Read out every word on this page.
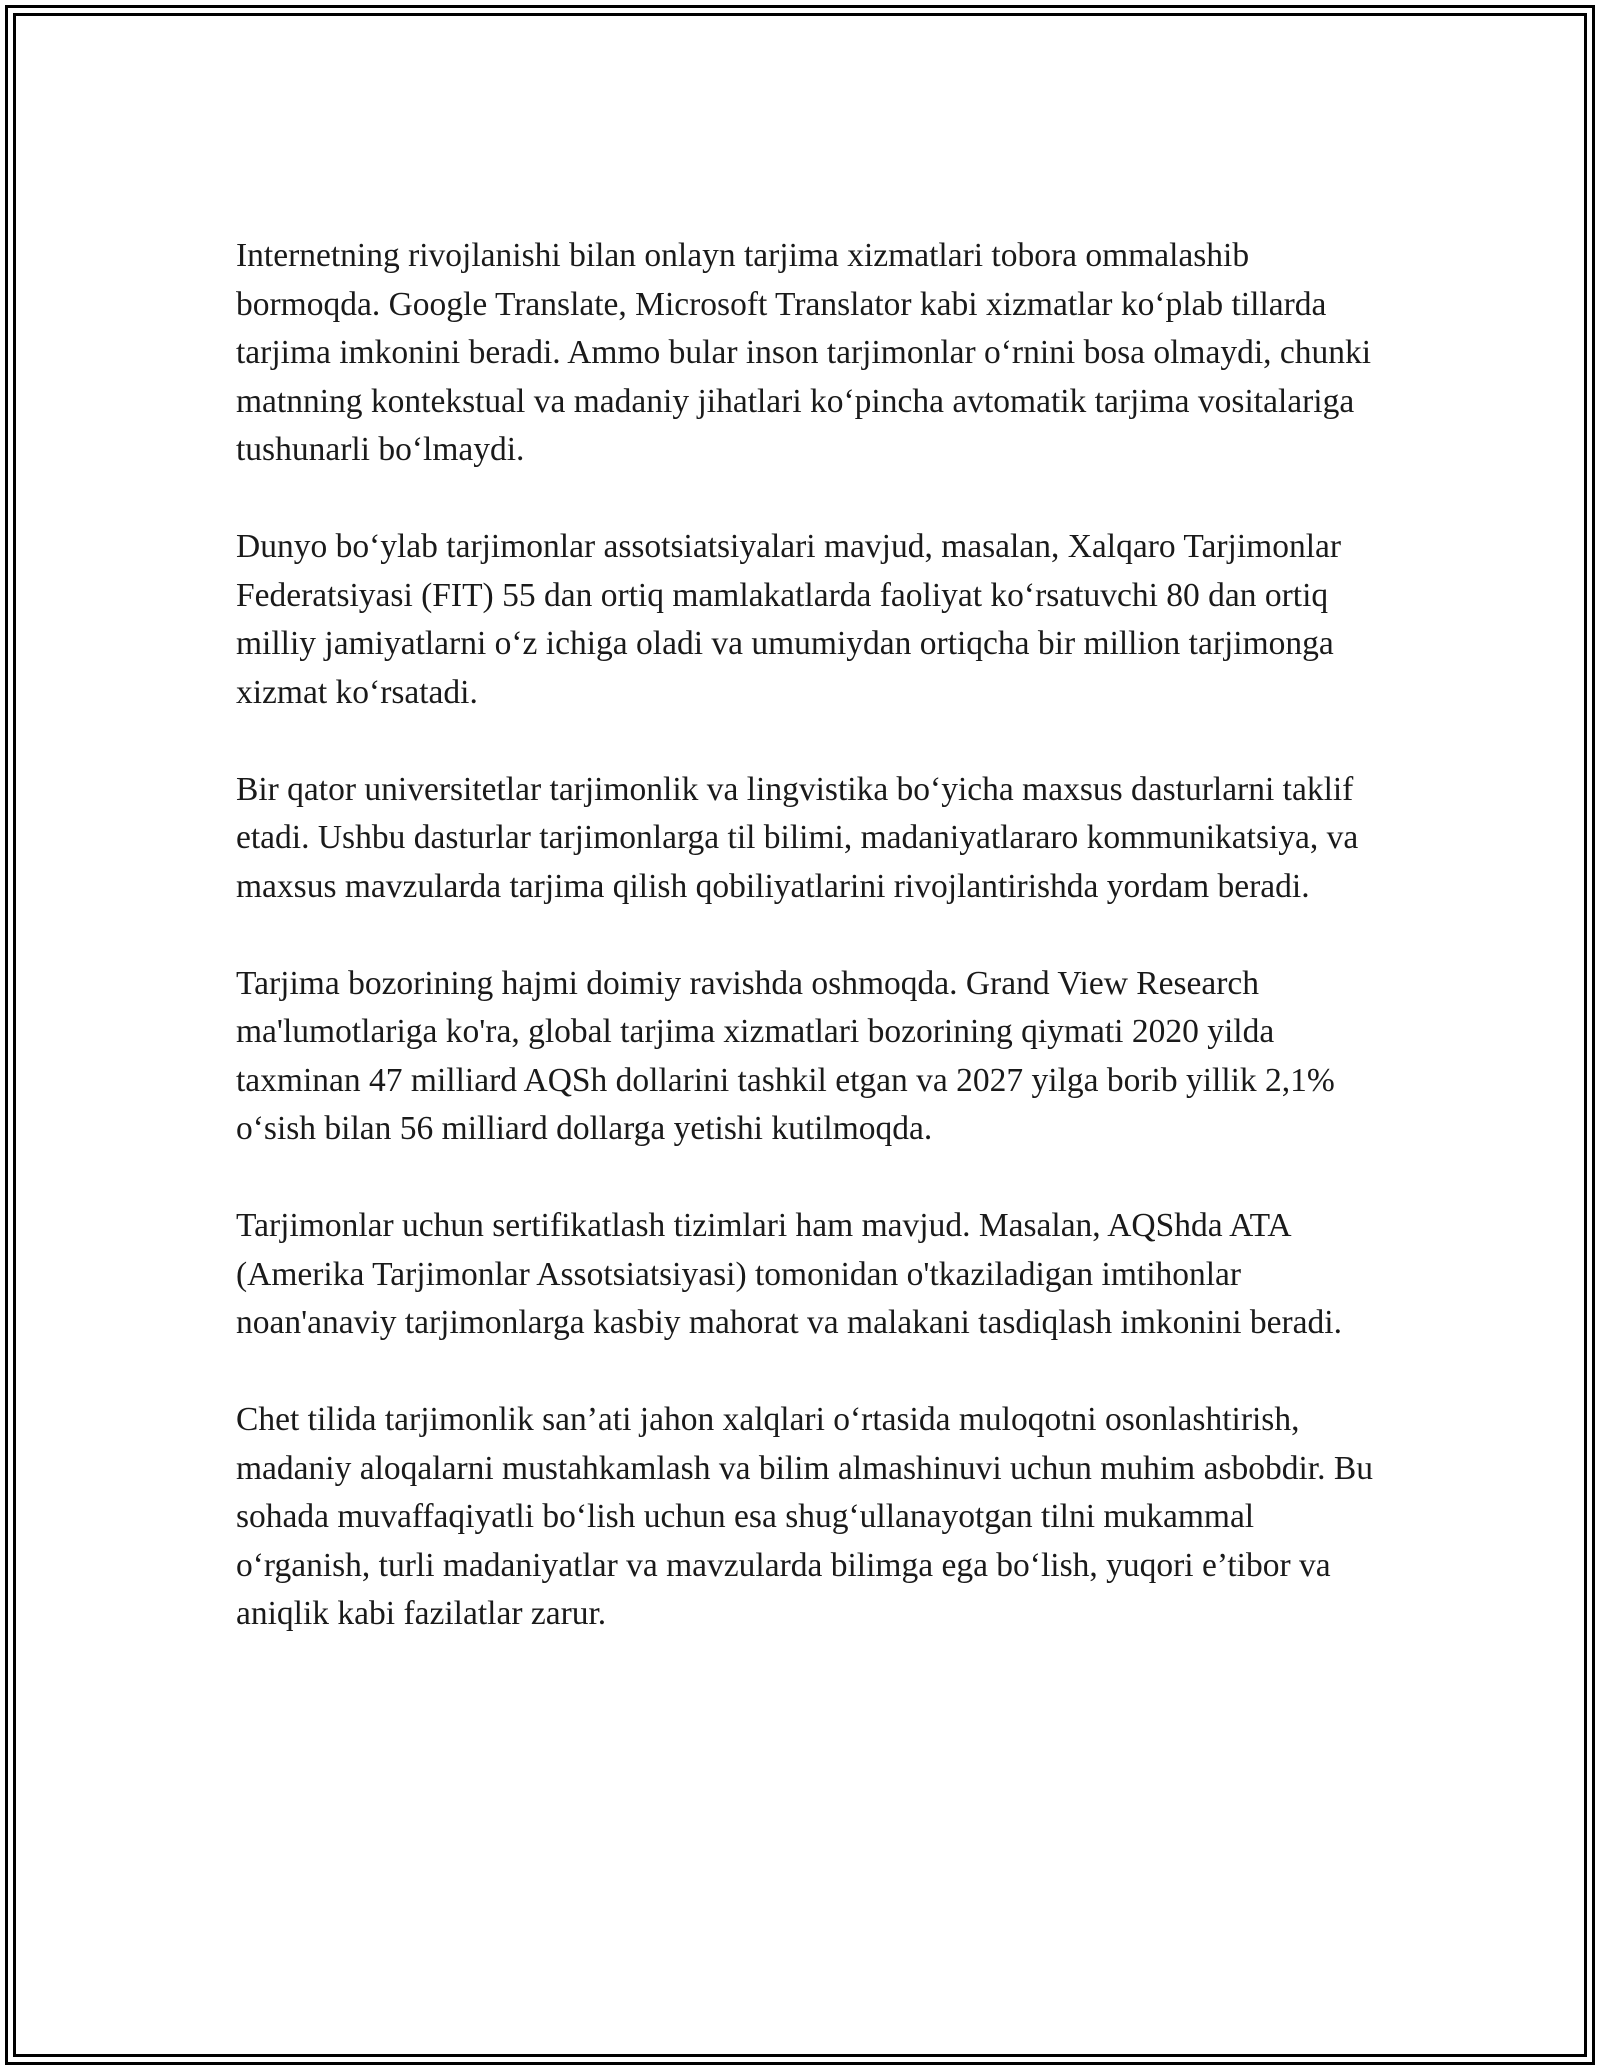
Internetning rivojlanishi bilan onlayn tarjima xizmatlari tobora ommalashib bormoqda. Google Translate, Microsoft Translator kabi xizmatlar ko‘plab tillarda tarjima imkonini beradi. Ammo bular inson tarjimonlar o‘rnini bosa olmaydi, chunki matnning kontekstual va madaniy jihatlari ko‘pincha avtomatik tarjima vositalariga tushunarli bo‘lmaydi.

Dunyo bo‘ylab tarjimonlar assotsiatsiyalari mavjud, masalan, Xalqaro Tarjimonlar Federatsiyasi (FIT) 55 dan ortiq mamlakatlarda faoliyat ko‘rsatuvchi 80 dan ortiq milliy jamiyatlarni o‘z ichiga oladi va umumiydan ortiqcha bir million tarjimonga xizmat ko‘rsatadi.

Bir qator universitetlar tarjimonlik va lingvistika bo‘yicha maxsus dasturlarni taklif etadi. Ushbu dasturlar tarjimonlarga til bilimi, madaniyatlararo kommunikatsiya, va maxsus mavzularda tarjima qilish qobiliyatlarini rivojlantirishda yordam beradi.

Tarjima bozorining hajmi doimiy ravishda oshmoqda. Grand View Research ma'lumotlariga ko'ra, global tarjima xizmatlari bozorining qiymati 2020 yilda taxminan 47 milliard AQSh dollarini tashkil etgan va 2027 yilga borib yillik 2,1% o‘sish bilan 56 milliard dollarga yetishi kutilmoqda.

Tarjimonlar uchun sertifikatlash tizimlari ham mavjud. Masalan, AQShda ATA (Amerika Tarjimonlar Assotsiatsiyasi) tomonidan o'tkaziladigan imtihonlar noan'anaviy tarjimonlarga kasbiy mahorat va malakani tasdiqlash imkonini beradi.

Chet tilida tarjimonlik san’ati jahon xalqlari o‘rtasida muloqotni osonlashtirish, madaniy aloqalarni mustahkamlash va bilim almashinuvi uchun muhim asbobdir. Bu sohada muvaffaqiyatli bo‘lish uchun esa shug‘ullanayotgan tilni mukammal o‘rganish, turli madaniyatlar va mavzularda bilimga ega bo‘lish, yuqori e’tibor va aniqlik kabi fazilatlar zarur.
